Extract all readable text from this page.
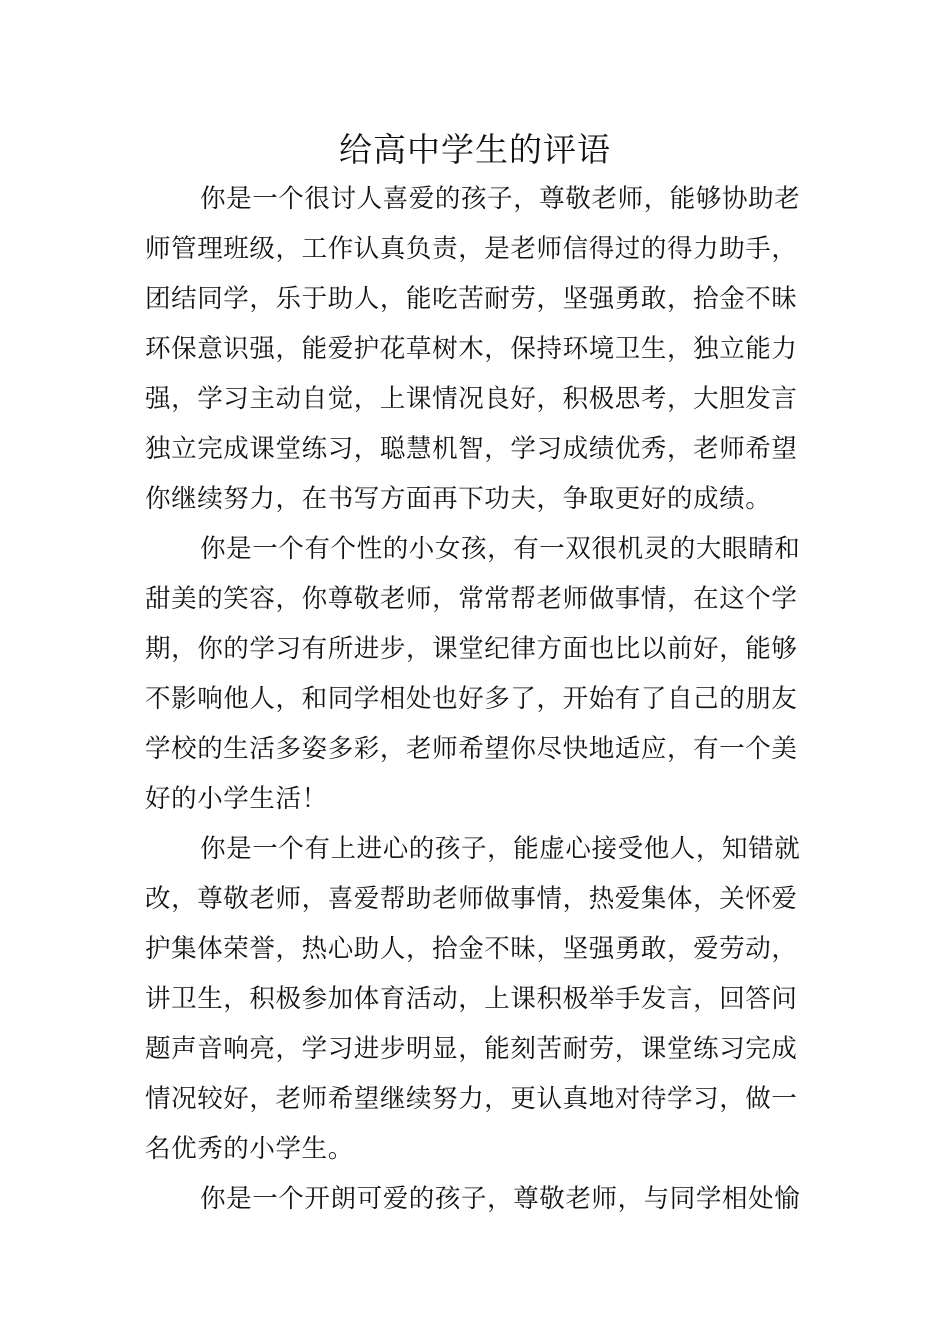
给高中学生的评语
你是一个很讨人喜爱的孩子，尊敬老师，能够协助老
师管理班级，工作认真负责，是老师信得过的得力助手，
团结同学，乐于助人，能吃苦耐劳，坚强勇敢，拾金不昧
环保意识强，能爱护花草树木，保持环境卫生，独立能力
强，学习主动自觉，上课情况良好，积极思考，大胆发言
独立完成课堂练习，聪慧机智，学习成绩优秀，老师希望
你继续努力，在书写方面再下功夫，争取更好的成绩。
你是一个有个性的小女孩，有一双很机灵的大眼睛和
甜美的笑容，你尊敬老师，常常帮老师做事情，在这个学
期，你的学习有所进步，课堂纪律方面也比以前好，能够
不影响他人，和同学相处也好多了，开始有了自己的朋友
学校的生活多姿多彩，老师希望你尽快地适应，有一个美
好的小学生活！
你是一个有上进心的孩子，能虚心接受他人，知错就
改，尊敬老师，喜爱帮助老师做事情，热爱集体，关怀爱
护集体荣誉，热心助人，拾金不昧，坚强勇敢，爱劳动，
讲卫生，积极参加体育活动，上课积极举手发言，回答问
题声音响亮，学习进步明显，能刻苦耐劳，课堂练习完成
情况较好，老师希望继续努力，更认真地对待学习，做一
名优秀的小学生。
你是一个开朗可爱的孩子，尊敬老师，与同学相处愉
